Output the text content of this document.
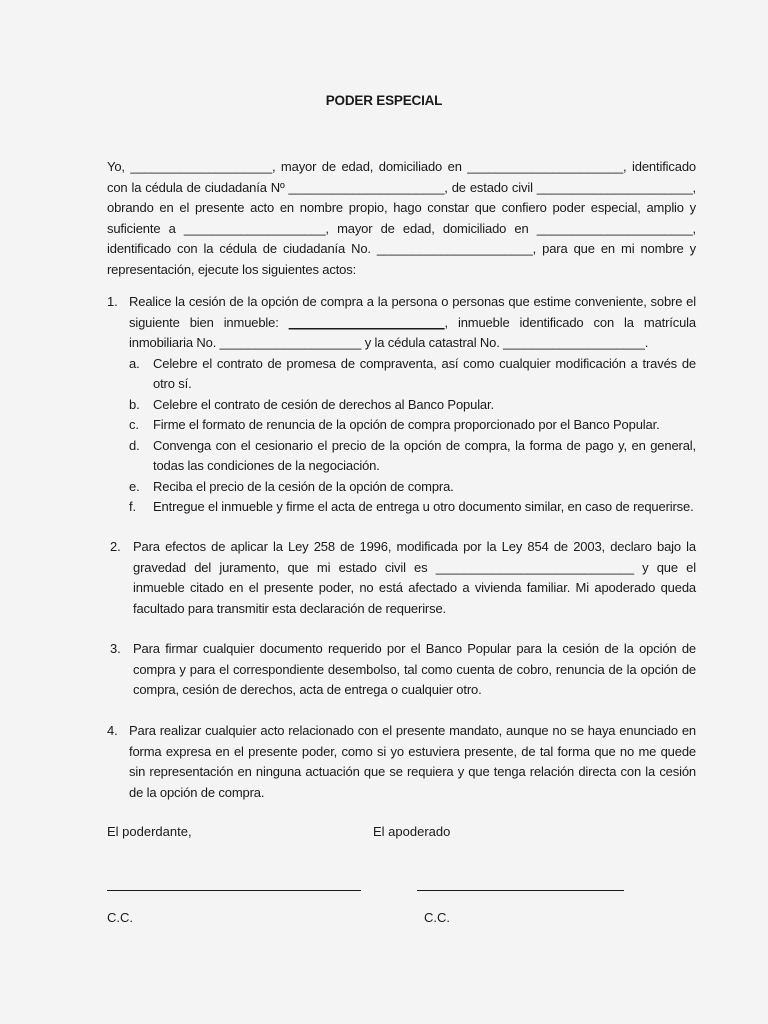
PODER ESPECIAL
Yo, ____________________, mayor de edad, domiciliado en ______________________, identificado con la cédula de ciudadanía Nº ______________________, de estado civil ______________________, obrando en el presente acto en nombre propio, hago constar que confiero poder especial, amplio y suficiente a ____________________, mayor de edad, domiciliado en ______________________, identificado con la cédula de ciudadanía No. ______________________, para que en mi nombre y representación, ejecute los siguientes actos:
1. Realice la cesión de la opción de compra a la persona o personas que estime conveniente, sobre el siguiente bien inmueble: ______________________, inmueble identificado con la matrícula inmobiliaria No. ____________________ y la cédula catastral No. ____________________.
a. Celebre el contrato de promesa de compraventa, así como cualquier modificación a través de otro sí.
b. Celebre el contrato de cesión de derechos al Banco Popular.
c. Firme el formato de renuncia de la opción de compra proporcionado por el Banco Popular.
d. Convenga con el cesionario el precio de la opción de compra, la forma de pago y, en general, todas las condiciones de la negociación.
e. Reciba el precio de la cesión de la opción de compra.
f. Entregue el inmueble y firme el acta de entrega u otro documento similar, en caso de requerirse.
2. Para efectos de aplicar la Ley 258 de 1996, modificada por la Ley 854 de 2003, declaro bajo la gravedad del juramento, que mi estado civil es ____________________________ y que el inmueble citado en el presente poder, no está afectado a vivienda familiar. Mi apoderado queda facultado para transmitir esta declaración de requerirse.
3. Para firmar cualquier documento requerido por el Banco Popular para la cesión de la opción de compra y para el correspondiente desembolso, tal como cuenta de cobro, renuncia de la opción de compra, cesión de derechos, acta de entrega o cualquier otro.
4. Para realizar cualquier acto relacionado con el presente mandato, aunque no se haya enunciado en forma expresa en el presente poder, como si yo estuviera presente, de tal forma que no me quede sin representación en ninguna actuación que se requiera y que tenga relación directa con la cesión de la opción de compra.
El poderdante,	El apoderado
C.C.	C.C.
